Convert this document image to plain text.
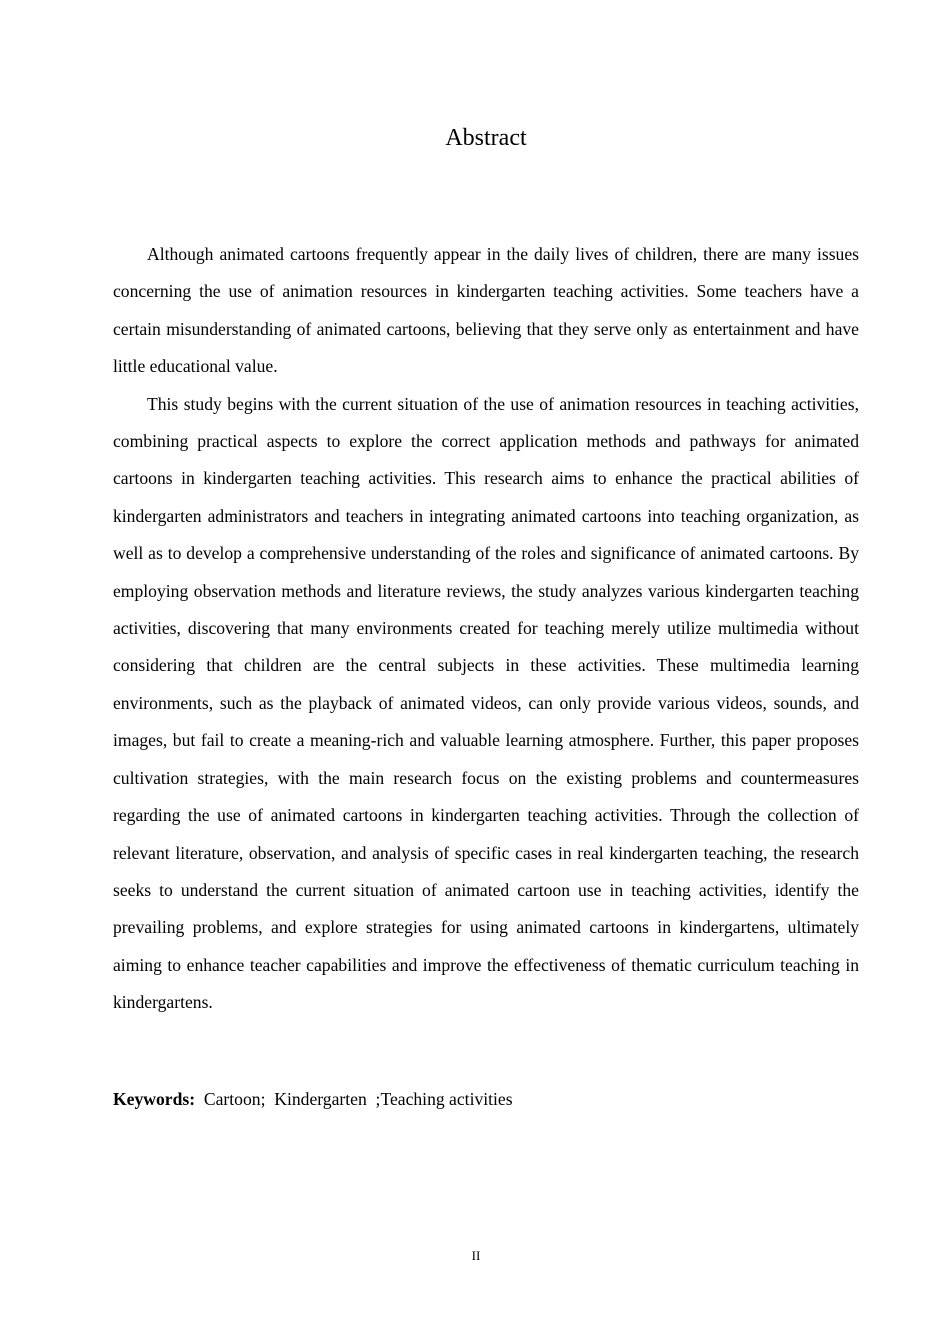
Abstract

Although animated cartoons frequently appear in the daily lives of children, there are many issues concerning the use of animation resources in kindergarten teaching activities. Some teachers have a certain misunderstanding of animated cartoons, believing that they serve only as entertainment and have little educational value.

This study begins with the current situation of the use of animation resources in teaching activities, combining practical aspects to explore the correct application methods and pathways for animated cartoons in kindergarten teaching activities. This research aims to enhance the practical abilities of kindergarten administrators and teachers in integrating animated cartoons into teaching organization, as well as to develop a comprehensive understanding of the roles and significance of animated cartoons. By employing observation methods and literature reviews, the study analyzes various kindergarten teaching activities, discovering that many environments created for teaching merely utilize multimedia without considering that children are the central subjects in these activities. These multimedia learning environments, such as the playback of animated videos, can only provide various videos, sounds, and images, but fail to create a meaning-rich and valuable learning atmosphere. Further, this paper proposes cultivation strategies, with the main research focus on the existing problems and countermeasures regarding the use of animated cartoons in kindergarten teaching activities. Through the collection of relevant literature, observation, and analysis of specific cases in real kindergarten teaching, the research seeks to understand the current situation of animated cartoon use in teaching activities, identify the prevailing problems, and explore strategies for using animated cartoons in kindergartens, ultimately aiming to enhance teacher capabilities and improve the effectiveness of thematic curriculum teaching in kindergartens.

Keywords:  Cartoon;  Kindergarten  ;Teaching activities

II
